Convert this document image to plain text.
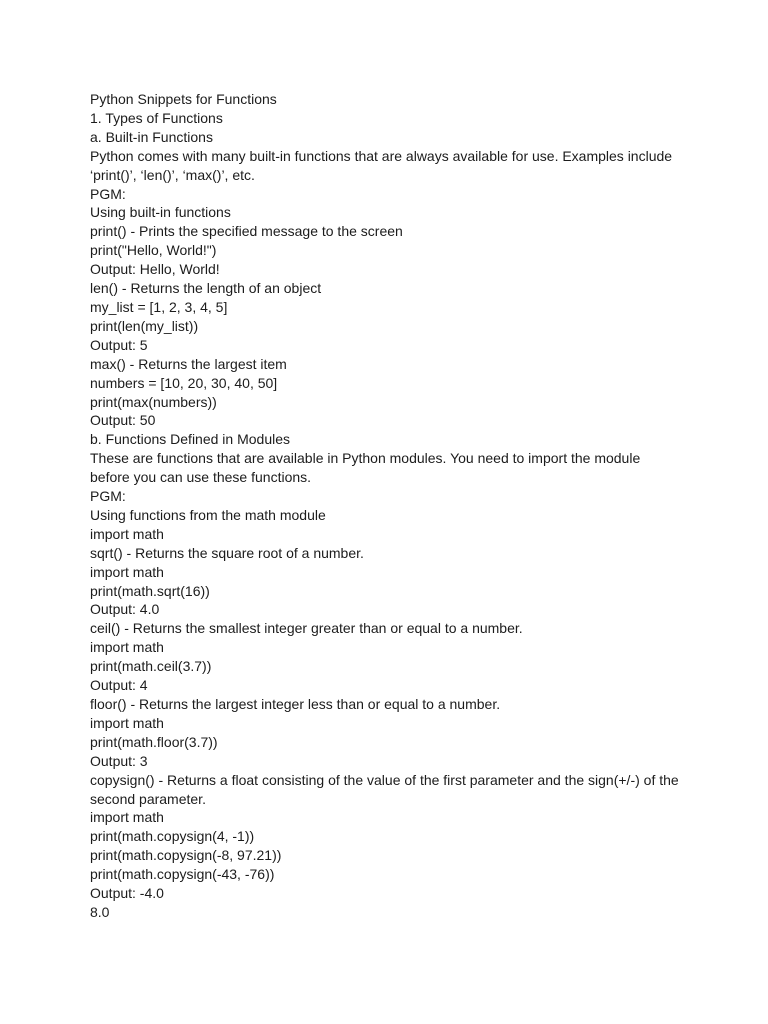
Python Snippets for Functions

1. Types of Functions

a. Built-in Functions

Python comes with many built-in functions that are always available for use. Examples include ‘print()’, ‘len()’, ‘max()’, etc.

PGM:

Using built-in functions

print() - Prints the specified message to the screen

print("Hello, World!")

Output: Hello, World!

len() - Returns the length of an object

my_list = [1, 2, 3, 4, 5]

print(len(my_list))

Output: 5

max() - Returns the largest item

numbers = [10, 20, 30, 40, 50]

print(max(numbers))

Output: 50

b. Functions Defined in Modules

These are functions that are available in Python modules. You need to import the module before you can use these functions.

PGM:

Using functions from the math module

import math

sqrt() - Returns the square root of a number.

import math

print(math.sqrt(16))

Output: 4.0

ceil() - Returns the smallest integer greater than or equal to a number.

import math

print(math.ceil(3.7))

Output: 4

floor() - Returns the largest integer less than or equal to a number.

import math

print(math.floor(3.7))

Output: 3

copysign() - Returns a float consisting of the value of the first parameter and the sign(+/-) of the second parameter.

import math

print(math.copysign(4, -1))

print(math.copysign(-8, 97.21))

print(math.copysign(-43, -76))

Output: -4.0

8.0
